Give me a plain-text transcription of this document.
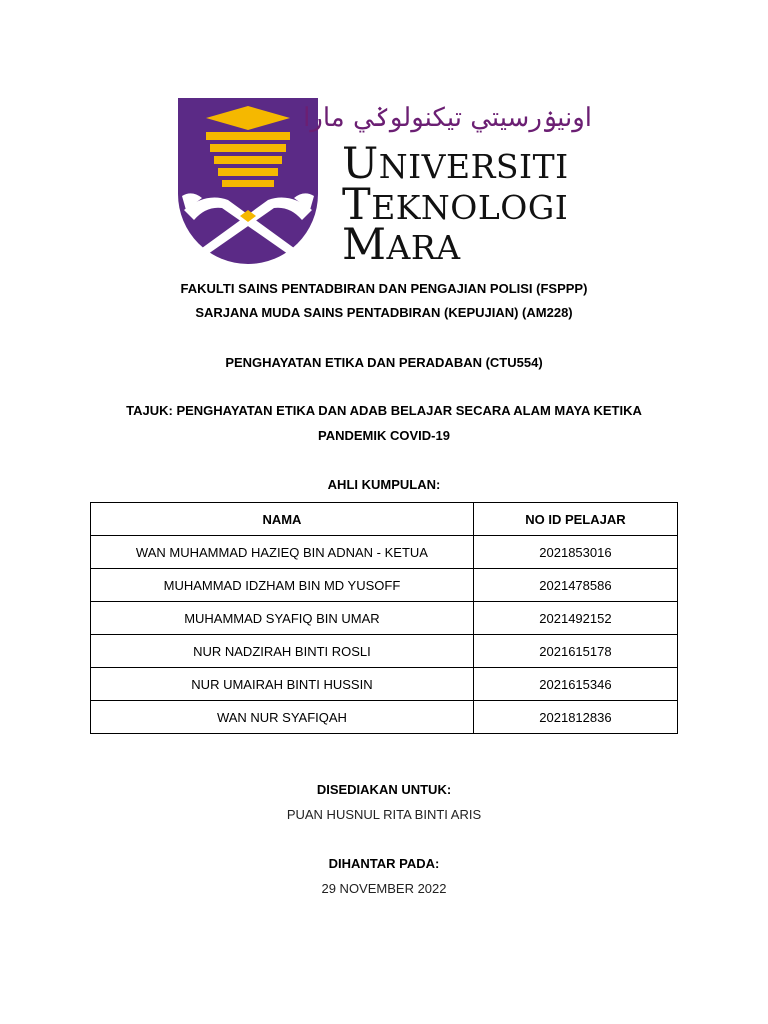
اونيۏرسيتي تيکنولوݢي مارا
UNIVERSITI
TEKNOLOGI
MARA
FAKULTI SAINS PENTADBIRAN DAN PENGAJIAN POLISI (FSPPP)
SARJANA MUDA SAINS PENTADBIRAN (KEPUJIAN) (AM228)
PENGHAYATAN ETIKA DAN PERADABAN (CTU554)
TAJUK: PENGHAYATAN ETIKA DAN ADAB BELAJAR SECARA ALAM MAYA KETIKA
PANDEMIK COVID-19
AHLI KUMPULAN:
NAMA	NO ID PELAJAR
WAN MUHAMMAD HAZIEQ BIN ADNAN - KETUA	2021853016
MUHAMMAD IDZHAM BIN MD YUSOFF	2021478586
MUHAMMAD SYAFIQ BIN UMAR	2021492152
NUR NADZIRAH BINTI ROSLI	2021615178
NUR UMAIRAH BINTI HUSSIN	2021615346
WAN NUR SYAFIQAH	2021812836
DISEDIAKAN UNTUK:
PUAN HUSNUL RITA BINTI ARIS
DIHANTAR PADA:
29 NOVEMBER 2022
